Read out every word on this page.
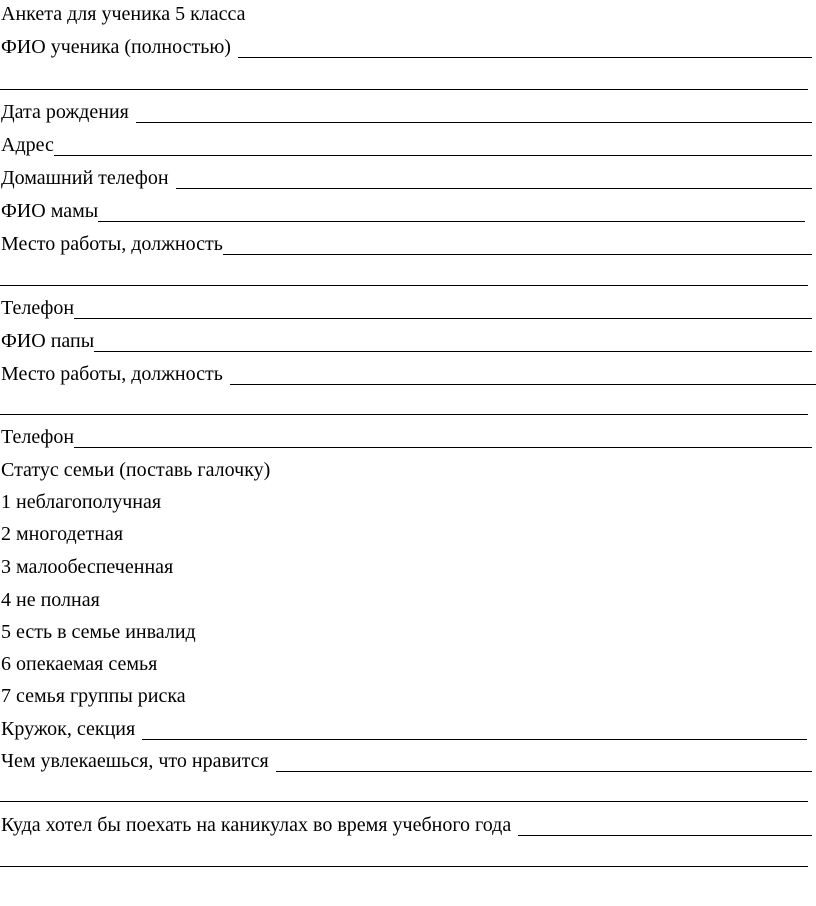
Анкета для ученика 5 класса
ФИО ученика (полностью)
Дата рождения
Адрес
Домашний телефон
ФИО мамы
Место работы, должность
Телефон
ФИО папы
Место работы, должность
Телефон
Статус семьи (поставь галочку)
1 неблагополучная
2 многодетная
3 малообеспеченная
4 не полная
5 есть в семье инвалид
6 опекаемая семья
7 семья группы риска
Кружок, секция
Чем увлекаешься, что нравится
Куда хотел бы поехать на каникулах во время учебного года
